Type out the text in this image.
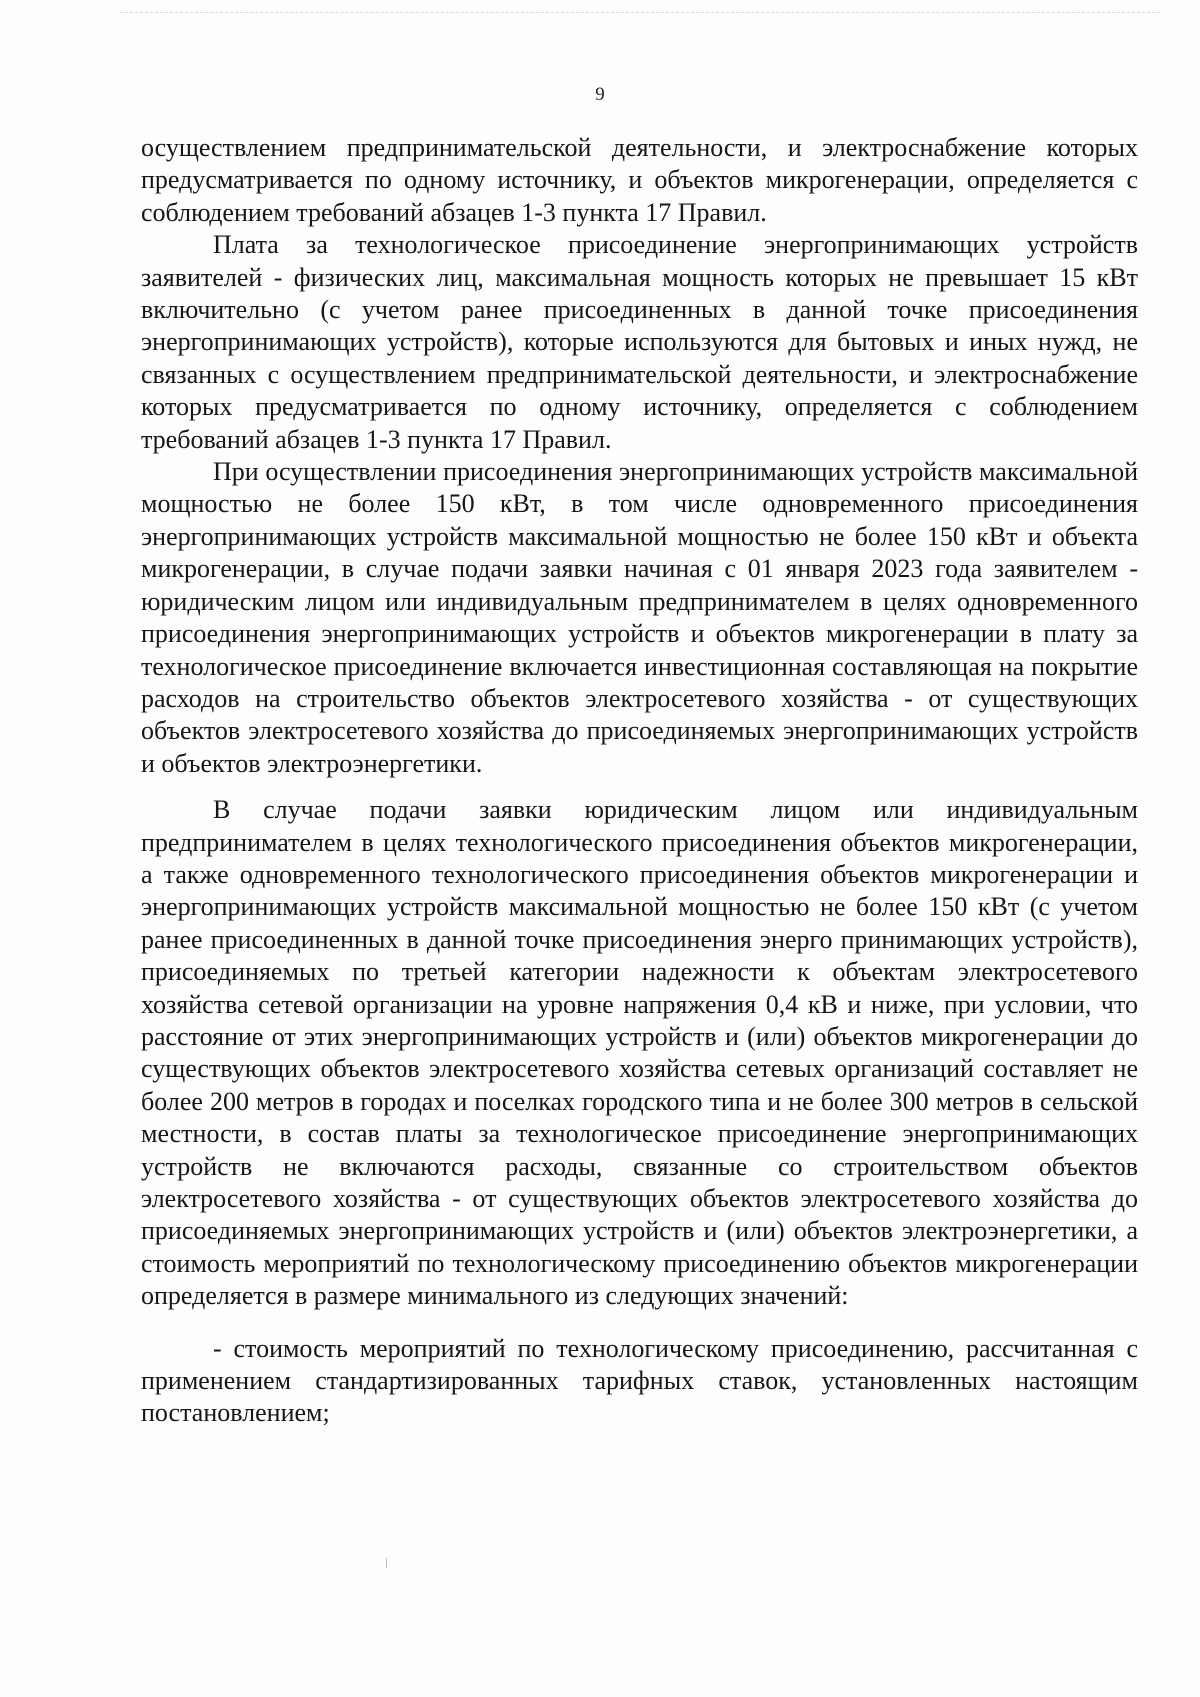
9

осуществлением предпринимательской деятельности, и электроснабжение которых предусматривается по одному источнику, и объектов микрогенерации, определяется с соблюдением требований абзацев 1-3 пункта 17 Правил.

Плата за технологическое присоединение энергопринимающих устройств заявителей - физических лиц, максимальная мощность которых не превышает 15 кВт включительно (с учетом ранее присоединенных в данной точке присоединения энергопринимающих устройств), которые используются для бытовых и иных нужд, не связанных с осуществлением предпринимательской деятельности, и электроснабжение которых предусматривается по одному источнику, определяется с соблюдением требований абзацев 1-3 пункта 17 Правил.

При осуществлении присоединения энергопринимающих устройств максимальной мощностью не более 150 кВт, в том числе одновременного присоединения энергопринимающих устройств максимальной мощностью не более 150 кВт и объекта микрогенерации, в случае подачи заявки начиная с 01 января 2023 года заявителем - юридическим лицом или индивидуальным предпринимателем в целях одновременного присоединения энергопринимающих устройств и объектов микрогенерации в плату за технологическое присоединение включается инвестиционная составляющая на покрытие расходов на строительство объектов электросетевого хозяйства - от существующих объектов электросетевого хозяйства до присоединяемых энергопринимающих устройств и объектов электроэнергетики.

В случае подачи заявки юридическим лицом или индивидуальным предпринимателем в целях технологического присоединения объектов микрогенерации, а также одновременного технологического присоединения объектов микрогенерации и энергопринимающих устройств максимальной мощностью не более 150 кВт (с учетом ранее присоединенных в данной точке присоединения энерго принимающих устройств), присоединяемых по третьей категории надежности к объектам электросетевого хозяйства сетевой организации на уровне напряжения 0,4 кВ и ниже, при условии, что расстояние от этих энергопринимающих устройств и (или) объектов микрогенерации до существующих объектов электросетевого хозяйства сетевых организаций составляет не более 200 метров в городах и поселках городского типа и не более 300 метров в сельской местности, в состав платы за технологическое присоединение энергопринимающих устройств не включаются расходы, связанные со строительством объектов электросетевого хозяйства - от существующих объектов электросетевого хозяйства до присоединяемых энергопринимающих устройств и (или) объектов электроэнергетики, а стоимость мероприятий по технологическому присоединению объектов микрогенерации определяется в размере минимального из следующих значений:

- стоимость мероприятий по технологическому присоединению, рассчитанная с применением стандартизированных тарифных ставок, установленных настоящим постановлением;
